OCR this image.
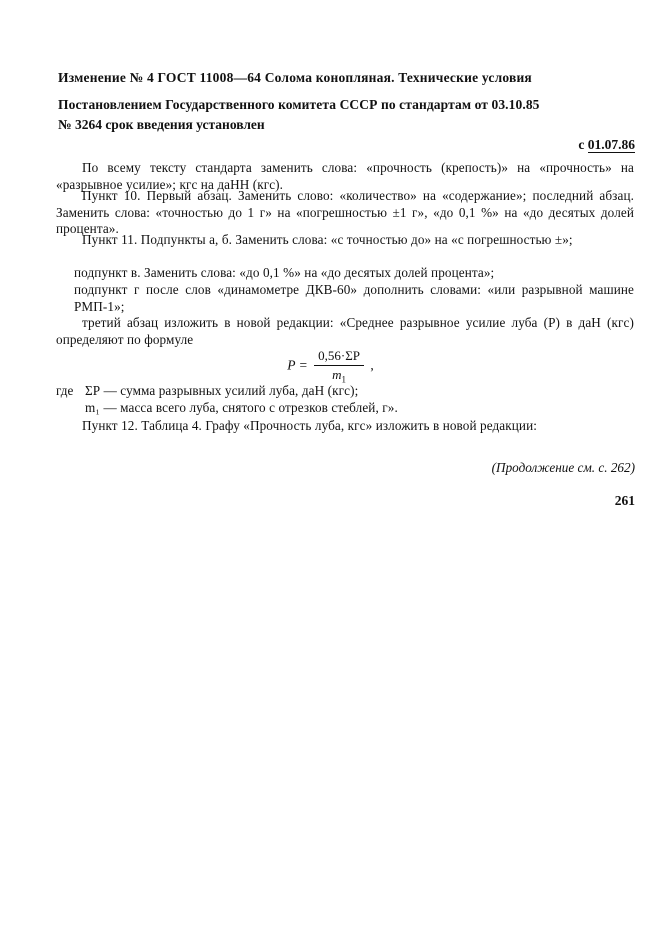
Изменение № 4 ГОСТ 11008—64 Солома конопляная. Технические условия
Постановлением Государственного комитета СССР по стандартам от 03.10.85
№ 3264 срок введения установлен
с 01.07.86
По всему тексту стандарта заменить слова: «прочность (крепость)» на «прочность» на «разрывное усилие»; кгс на даНН (кгс).
Пункт 10. Первый абзац. Заменить слово: «количество» на «содержание»; последний абзац. Заменить слова: «точностью до 1 г» на «погрешностью ±1 г», «до 0,1 %» на «до десятых долей процента».
Пункт 11. Подпункты а, б. Заменить слова: «с точностью до» на «с погрешностью ±»;
подпункт в. Заменить слова: «до 0,1 %» на «до десятых долей процента»;
подпункт г после слов «динамометре ДКВ-60» дополнить словами: «или разрывной машине РМП-1»;
третий абзац изложить в новой редакции: «Среднее разрывное усилие луба (Р) в даН (кгс) определяют по формуле
$P = \frac{0,56\cdot\Sigma P}{m_1}$ ,
где ΣР — сумма разрывных усилий луба, даН (кгс);
m₁ — масса всего луба, снятого с отрезков стеблей, г».
Пункт 12. Таблица 4. Графу «Прочность луба, кгс» изложить в новой редакции:
(Продолжение см. с. 262)
261
